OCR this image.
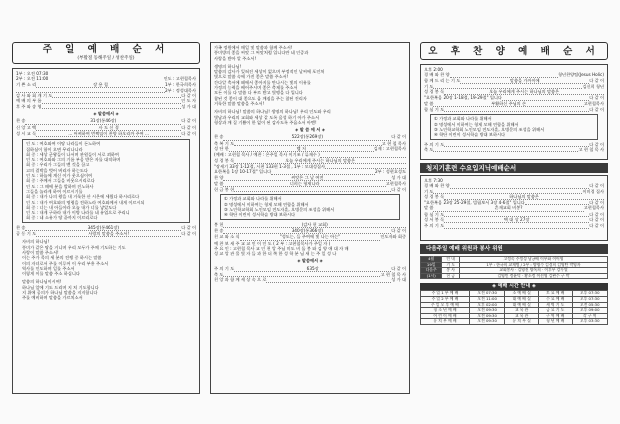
주 일 예 배 순 서
(부활절 동해주일 / 성찬주일)
1부 : 오전 07:30
2부 : 오전 11:00	인도 : 고현철목사
기 쁜 소 리	장 용 철	1부 : 한국희목사
2부 : 정성대목사
감 사 와 회 개 기 도	다 같 이
예 배 의 부 름	인 도 자
후 주 와 송 영	성 가 대
◈ 말씀에서 ◈
찬 송	31장(통46장)	다 같 이
신 앙 고 백	사 도 신 경	다 같 이
성 시 교 독	... 어찌하여 번쩍임이 찬양 하오리까 주여 ...	다 같 이
인 도 : 여호와여 이땅 나라들이 돈노하여
집하심이 함이 오면 무리나니라
회 중 : 세상 군왕들이 나서며 관원들이 서로 꾀하여
인 도 : 여호와와 그의 기름 부음 받은 자를 대적하며
회 중 : 우리가 그들의 맨 것을 끊고
고의 결박을 벗어 버리자 하는도다
인 도 : 하늘에 계신 이가 웃으심이여
회 중 : 주께서 그들을 비웃으시리로다
인 도 : 그 때에 분을 발하며 진노하사
그들을 놀라게 하여 이르시기를
회 중 : 내가 나의 왕을 내 거룩한 산 시온에 세웠다 하시리로다
인 도 : 내가 여호와의 명령을 전하노라 여호와께서 내게 이르시되
회 중 : 너는 내 아들이라 오늘 내가 너를 낳았도다
인 도 : 내게 구하라 내가 이방 나라를 네 유업으로 주리니
회 중 : 네 소유가 땅 끝까지 이르리로다
찬 송	345장(통461장)	다 같 이
공 동 기 도	사랑의 말씀을 주소서!	다 같 이
자비의 하나님!
풍미가 같은 땅을 거니며 우리 모두가 주께 기도하는 기도
사랑이 말씀 주소서!
이는 주가 목의 세 분의 전쟁 중 하시는 말씀
이의 자녀로서 주를 이루어 이 우리 부흥 주소서
역사를 인도하며 일를 주소서
이렇게 이를 말씀 주소 하십니다
말씀의 하나님이시여!
하나님 앞에 기도 드리며 지 처 기도합니다
지 위에 공의가 하나님 말씀을 지지합니다
주를 예비하며 말씀을 가르치소서
가족 정원에서 매일 및 말씀과 함께 주소서!
풍미방의 좋을 씨앗 그 씨앗처럼 입니다만 네 인증과
사랑을 받아 알 주소서!
생명의 하나님!
말씀의 감사가 잊혀진 세상이 없으며 부정적인 날씨에 포인처
빛으로 말씀 속에 가진 좋은 말씀 주소서!
간다알 축서에 떼에서 좋아지를 만나시는 빛의 이유를
가정의 능력을 베어주시며 좋은 축제를 주소서
모든 이를 다 말씀 다 부르 받고 빛앵을 다 입니다
참된 것 좋이 대 좋으도 옵 깨짐을 주는 참된 진리자
거룩한 말씀 말씀을 주소서!
자비의 하나님! 말씀의 하나님! 생명의 하나님! 우리 인도와 우리
빛남과 우리의 교회와 세상 같 도록 음성 하기 아가 주소서
형상과 깨 질 기쁨이 한 없이 된 감사도록 주옵소서 아멘!
◈ 말 씀 에 서 ◈
찬 송	522장(통269장)	다 같 이
축 복 기 도	고 현 철 목사
성 단 한	벨 저	김제 : 고현철목사
(예배 : 고현철 목사 / 예찬 : 은주일 목사 이기조 / 류재수 )
성 경 봉 독	오늘 우리에게 주시는 하나님의 말씀은
"장세기 33장 1-12절, 시편 133편 1-3절 , 1부 : 모대성집사
요한복음 1장 10-17절" 입니다	2부 : 성현호성도
찬 양	씨앗은 그 날 여전	성 가 대
말 씀	너희는 형제니라	고현철목사
헌 금 봉 헌	다 같 이
① 가정과 교회와 나라를 위해서
② 명성에서 이하여는 형제 모해 연합을 위해서
③ 노인학교학회 노인모임 전도자훈, 오병문의 조성을 위해서
④ 학단 이린이 성서학습 방대 보하시다
봉 헌	(감사 헌 교회)
찬 송	340장(통366장)	다 같 이
친 교 와 소 식	"성도는, 들 주여에 빛 나는 아는"	인도자와 회중
예 찬 보 새 주 교 교 인 이 인 도 ( 2 부 : 고현철목사가 주일 자 )
주 요 인 : 고현철 목사 교 인 천 앙 주님 미도 비 돌 봉 와 김 양 애 대 자 매
성 교 앙 관 물 빛 자 들 과 한 더 쪽 한 성 학 분 님 새 는 주 일 성 나
◈ 말씀에서 ◈
주 의 기 도	635장	다 같 이
축 도	고 현 철 목 사
친 앙 과 함 께 세 상 속 으 로	성 가 대
오 후 찬 양 예 배 순 서
오후 2:00
경 배 와 찬 양	청년찬양팀(Jesus Holic)
함 께 드 리 는 기 도	말씀을 가까이에	다 같 이
기 도	김신희 청년
성 경 봉 독	오늘 우리에게 주시는 하나님의 말씀은
"요한복음 20장 1-18절, 19-29절" 입니다	다 같 이
말 씀	부활하신 주님의 손	고현철목사
합 심 기 도	다 같 이
① 가정과 교회와 나라를 위해서
② 명성에서 이하여는 형제 모해 연합을 위해서
③ 노인학교학회 노인모임 전도자훈, 오병문의 조성을 위해서
④ 학단 이린이 성서학습 방대 보하시다
주 의 기 도	다 같 이
축 도	고 현 철 목 사
청지기훈련 수요입지닉예배순서
오후 7:30
경 배 와 찬 양	다 같 이
기 도	이미경 집사
성 경 봉 독	하나님의 말씀은
"요한복음 23장 25-29절, 빌립보서 3장 4-6절" 입니다	다 같 이
말 씀	흔재교회 비봉?	고현철목사
합 심 기 도	다 같 이
성 서 봉 독	택 대 상 27장	다 같 이
주 의 기 도	다 같 이
다음주일 예배 위원과 봉사 위원
4월	인 내	고정숙 주정성 남궁배 이부화 이어영
19일	기 도	1부 : 한국희 교재병 / 2부 : 양영수 김경희 김영탄 박영자
다음주	봉 사	교회봉사 · 김영진 양옥희 · 이후부 강무열
(1시)	헌 금	김영민 정윤덕 · 황소정 이선영 김완수 구 박
◈ 예배 시간 안내 ◈
주 일 1 부 예 배	오전 07:30	소 예 배 실	토 요 예 배	오후 07:30
주 일 2 부 예 배	오전 11:00	대 예 배 실	수 요 예 배	오후 07:30
주 일 오 후 예 배	오후 02:00	대 예 배 실	새 벽 기 도	오전 05:30
청 소 년 예 배	오전 09:30	교 육 관	금 요 기 도	오후 09:00
어 린 이 예 배	오전 09:30	교 육 관	구 역 예 배	각 구 역
유 치 부 예 배	오전 09:30	유 치 부 실	청 년 예 배	오후 03:30
